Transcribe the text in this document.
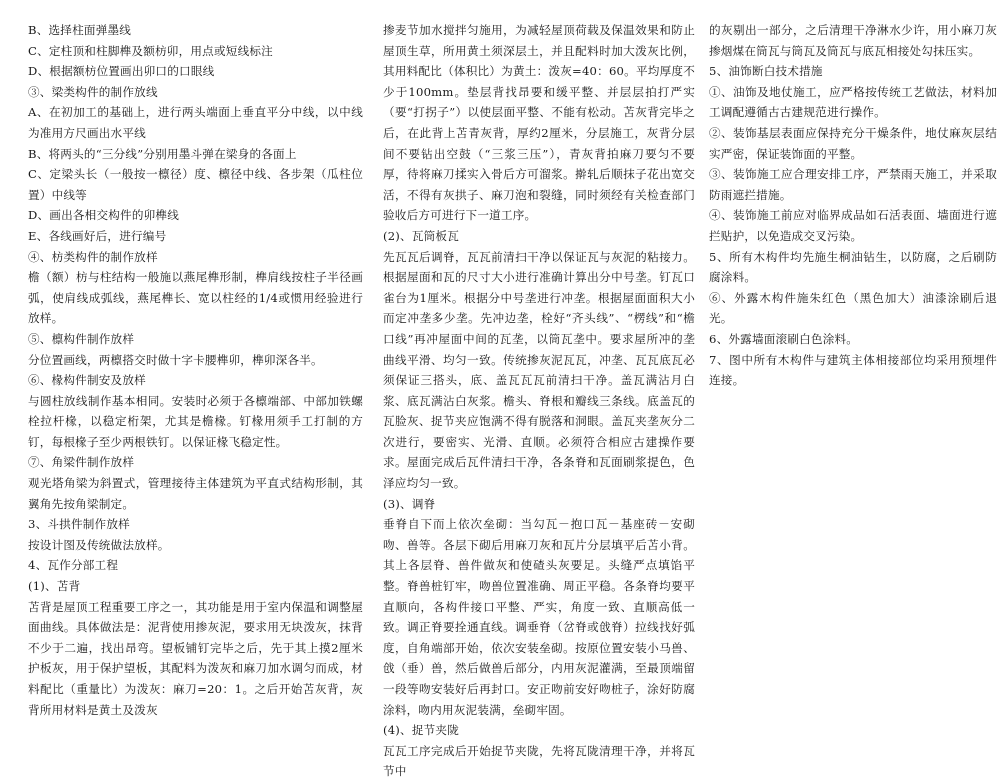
B、选择柱面弹墨线

C、定柱顶和柱脚榫及额枋卯，用点或短线标注

D、根据额枋位置画出卯口的口眼线

③、梁类构件的制作放线

A、在初加工的基础上，进行两头端面上垂直平分中线，以中线为准用方尺画出水平线

B、将两头的“三分线”分别用墨斗弹在梁身的各面上

C、定梁头长（一般按一檩径）度、檩径中线、各步架（瓜柱位置）中线等

D、画出各相交构件的卯榫线

E、各线画好后，进行编号

④、枋类构件的制作放样

檐（额）枋与柱结构一般施以燕尾榫形制，榫肩线按柱子半径画弧，使肩线成弧线，燕尾榫长、宽以柱经的1/4或惯用经验进行放样。

⑤、檩构件制作放样

分位置画线，两檩搭交时做十字卡腰榫卯，榫卯深各半。

⑥、椽构件制安及放样

与圆柱放线制作基本相同。安装时必须于各檩端部、中部加铁螺栓拉杆椽，以稳定桁架，尤其是檐椽。钉椽用须手工打制的方钉，每根椽子至少两根铁钉。以保证椽飞稳定性。

⑦、角梁件制作放样

观光塔角梁为斜置式，管理接待主体建筑为平直式结构形制，其翼角先按角梁制定。

3、斗拱件制作放样

按设计图及传统做法放样。

4、瓦作分部工程

(1)、苫背

苫背是屋顶工程重要工序之一，其功能是用于室内保温和调整屋面曲线。具体做法是：泥背使用掺灰泥，要求用无块泼灰，抹背不少于二遍，找出昂弯。望板铺钉完毕之后，先于其上摸2厘米护板灰，用于保护望板，其配料为泼灰和麻刀加水调匀而成，材料配比（重量比）为泼灰：麻刀=20：1。之后开始苫灰背，灰背所用材料是黄土及泼灰

掺麦节加水搅拌匀施用，为减轻屋顶荷载及保温效果和防止屋顶生草，所用黄土须深层土，并且配料时加大泼灰比例，其用料配比（体积比）为黄土：泼灰=40：60。平均厚度不少于100mm。垫层背找昂要和缓平整、并层层拍打严实（要“打拐子”）以使层面平整、不能有松动。苫灰背完毕之后，在此背上苫青灰背，厚约2厘米，分层施工，灰背分层间不要钻出空鼓（“三浆三压”），青灰背拍麻刀要匀不要厚，待将麻刀揉实入骨后方可溜浆。擀轧后顺抹子花出宽交活，不得有灰拱子、麻刀泡和裂缝，同时须经有关检查部门验收后方可进行下一道工序。

(2)、瓦筒板瓦

先瓦瓦后调脊，瓦瓦前清扫干净以保证瓦与灰泥的粘接力。根据屋面和瓦的尺寸大小进行准确计算出分中号垄。钉瓦口雀台为1厘米。根据分中号垄进行冲垄。根据屋面面积大小而定冲垄多少垄。先冲边垄，栓好“齐头线”、“楞线”和“檐口线”再冲屋面中间的瓦垄，以筒瓦垄中。要求屋所冲的垄曲线平滑、均匀一致。传统掺灰泥瓦瓦，冲垄、瓦瓦底瓦必须保证三搭头，底、盖瓦瓦瓦前清扫干净。盖瓦满沾月白浆、底瓦满沾白灰浆。檐头、脊根和瓣线三条线。底盖瓦的瓦脸灰、捉节夹应饱满不得有脱落和洞眼。盖瓦夹垄灰分二次进行，要密实、光滑、直顺。必须符合相应古建操作要求。屋面完成后瓦件清扫干净，各条脊和瓦面刷浆提色，色泽应均匀一致。

(3)、调脊

垂脊自下而上依次垒砌：当勾瓦－抱口瓦－基座砖－安砌吻、兽等。各层下砌后用麻刀灰和瓦片分层填平后苫小背。其上各层脊、兽件做灰和使碴头灰要足。头缝严点填馅平整。脊兽桩钉牢，吻兽位置准确、周正平稳。各条脊均要平直顺向，各构件接口平整、严实，角度一致、直顺高低一致。调正脊要拴通直线。调垂脊（岔脊或戗脊）拉线找好弧度，自角端部开始，依次安装垒砌。按原位置安装小马兽、戗（垂）兽，然后做兽后部分，内用灰泥灌满，至最顶端留一段等吻安装好后再封口。安正吻前安好吻桩子，涂好防腐涂料，吻内用灰泥装满，垒砌牢固。

(4)、捉节夹陇

瓦瓦工序完成后开始捉节夹陇，先将瓦陇清理干净，并将瓦节中

的灰剔出一部分，之后清理干净淋水少许，用小麻刀灰掺烟煤在筒瓦与筒瓦及筒瓦与底瓦相接处勾抹压实。

5、油饰断白技术措施

①、油饰及地仗施工，应严格按传统工艺做法，材料加工调配遵循古古建规范进行操作。

②、装饰基层表面应保持充分干燥条件，地仗麻灰层结实严密，保证装饰面的平整。

③、装饰施工应合理安排工序，严禁雨天施工，并采取防雨遮拦措施。

④、装饰施工前应对临界成品如石活表面、墙面进行遮拦贴护，以免造成交叉污染。

5、所有木构件均先施生桐油钻生，以防腐，之后刷防腐涂料。

⑥、外露木构件施朱红色（黑色加大）油漆涂刷后退光。

6、外露墙面滚刷白色涂料。

7、图中所有木构件与建筑主体相接部位均采用预埋件连接。
